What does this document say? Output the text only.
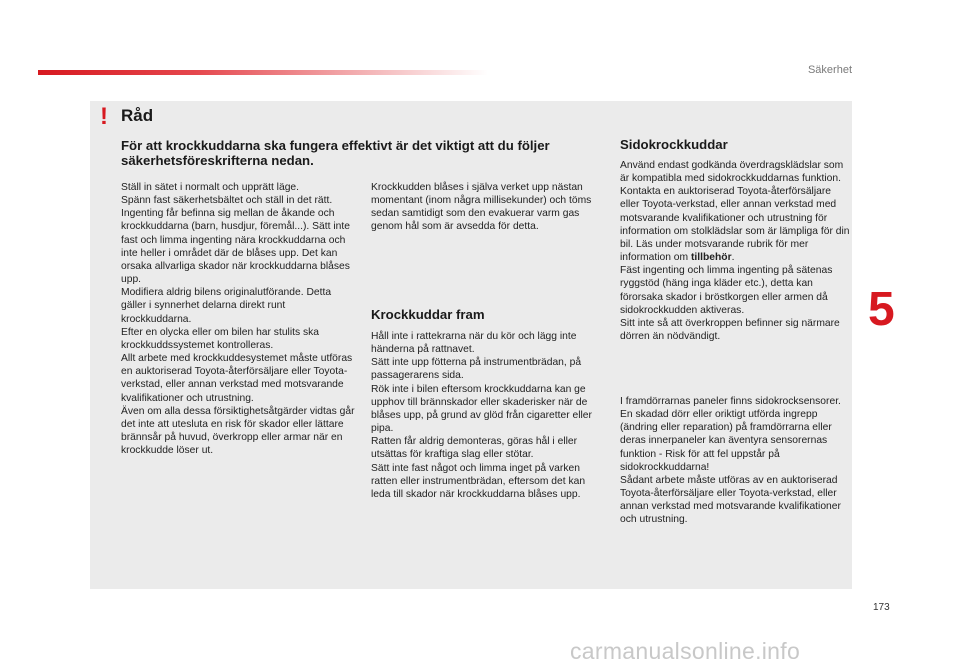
Säkerhet
! Råd
För att krockkuddarna ska fungera effektivt är det viktigt att du följer säkerhetsföreskrifterna nedan.

Ställ in sätet i normalt och upprätt läge.
Spänn fast säkerhetsbältet och ställ in det rätt.
Ingenting får befinna sig mellan de åkande och krockkuddarna (barn, husdjur, föremål...). Sätt inte fast och limma ingenting nära krockkuddarna och inte heller i området där de blåses upp. Det kan orsaka allvarliga skador när krockkuddarna blåses upp.
Modifiera aldrig bilens originalutförande. Detta gäller i synnerhet delarna direkt runt krockkuddarna.
Efter en olycka eller om bilen har stulits ska krockkuddssystemet kontrolleras.
Allt arbete med krockkuddesystemet måste utföras en auktoriserad Toyota-återförsäljare eller Toyota-verkstad, eller annan verkstad med motsvarande kvalifikationer och utrustning.
Även om alla dessa försiktighetsåtgärder vidtas går det inte att utesluta en risk för skador eller lättare brännsår på huvud, överkropp eller armar när en krockkudde löser ut.

Krockkudden blåses i själva verket upp nästan momentant (inom några millisekunder) och töms sedan samtidigt som den evakuerar varm gas genom hål som är avsedda för detta.

Krockkuddar fram

Håll inte i rattekrarna när du kör och lägg inte händerna på rattnavet.
Sätt inte upp fötterna på instrumentbrädan, på passagerarens sida.
Rök inte i bilen eftersom krockkuddarna kan ge upphov till brännskador eller skaderisker när de blåses upp, på grund av glöd från cigaretter eller pipa.
Ratten får aldrig demonteras, göras hål i eller utsättas för kraftiga slag eller stötar.
Sätt inte fast något och limma inget på varken ratten eller instrumentbrädan, eftersom det kan leda till skador när krockkuddarna blåses upp.

Sidokrockkuddar

Använd endast godkända överdragsklädslar som är kompatibla med sidokrockkuddarnas funktion. Kontakta en auktoriserad Toyota-återförsäljare eller Toyota-verkstad, eller annan verkstad med motsvarande kvalifikationer och utrustning för information om stolklädslar som är lämpliga för din bil. Läs under motsvarande rubrik för mer information om tillbehör.
Fäst ingenting och limma ingenting på sätenas ryggstöd (häng inga kläder etc.), detta kan förorsaka skador i bröstkorgen eller armen då sidokrockkudden aktiveras.
Sitt inte så att överkroppen befinner sig närmare dörren än nödvändigt.

I framdörrarnas paneler finns sidokrocksensorer.
En skadad dörr eller oriktigt utförda ingrepp (ändring eller reparation) på framdörrarna eller deras innerpaneler kan äventyra sensorernas funktion - Risk för att fel uppstår på sidokrockkuddarna!
Sådant arbete måste utföras av en auktoriserad Toyota-återförsäljare eller Toyota-verkstad, eller annan verkstad med motsvarande kvalifikationer och utrustning.

5
173
carmanualsonline.info
